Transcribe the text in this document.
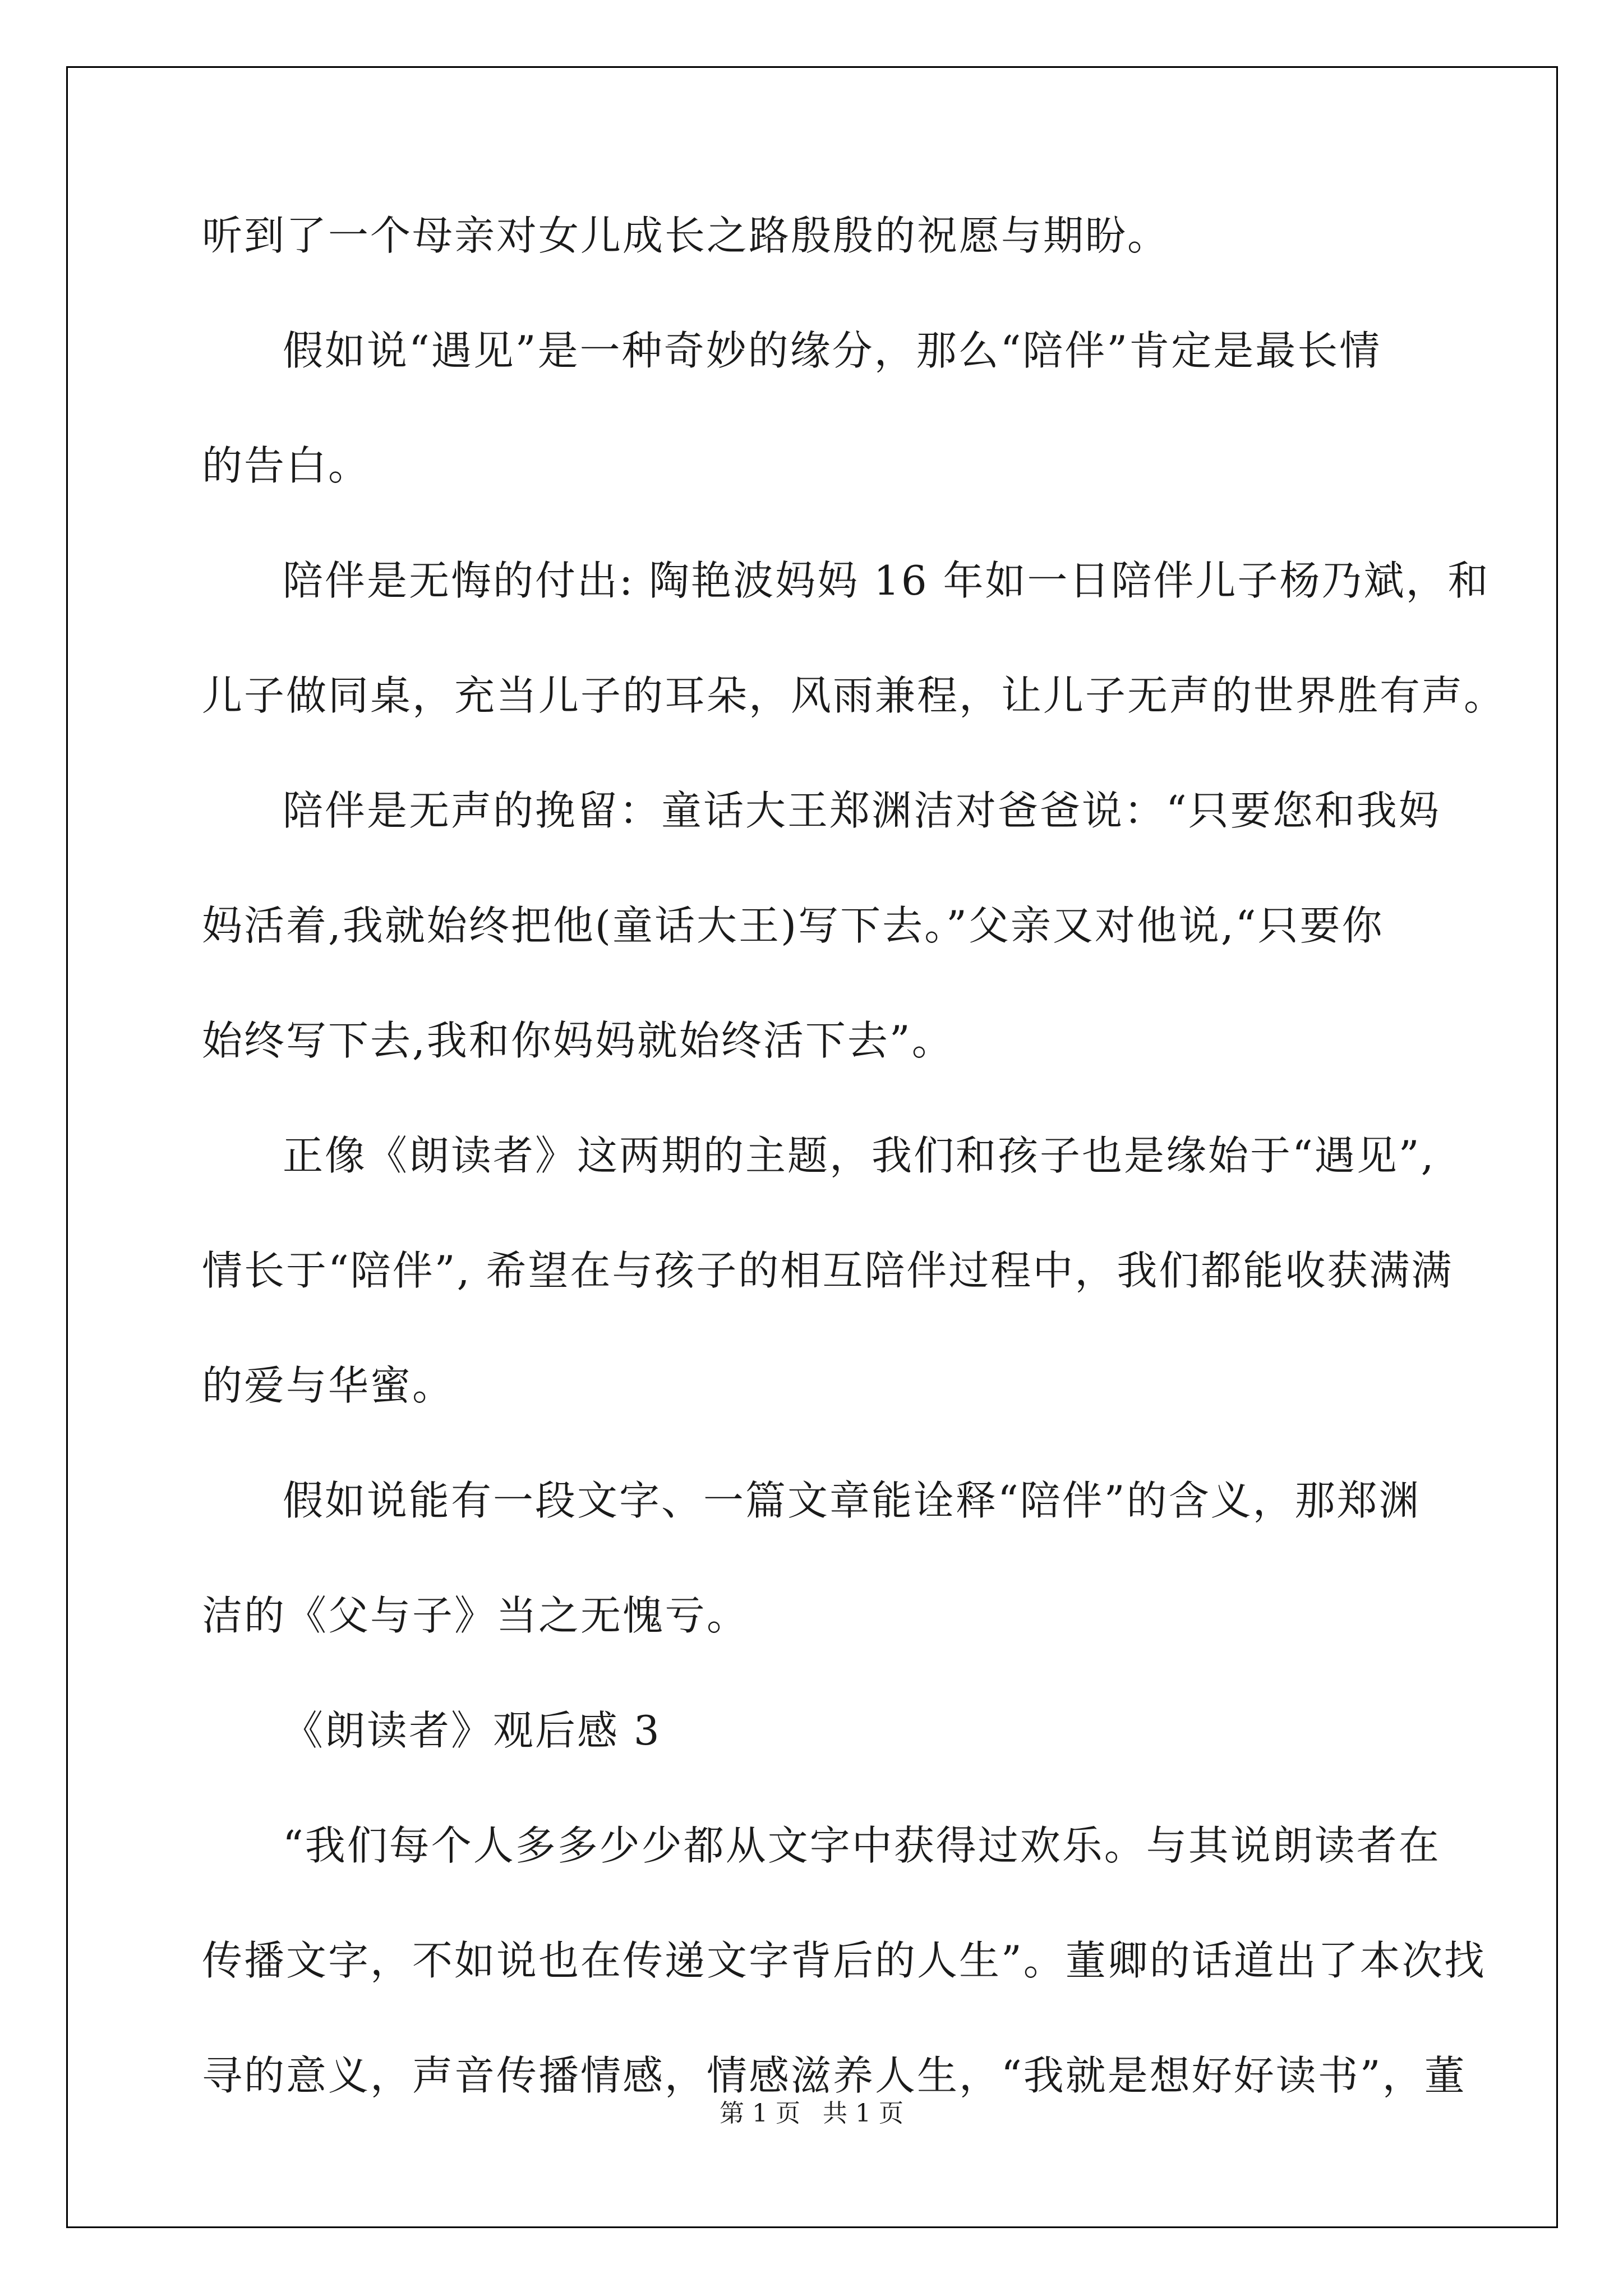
听到了一个母亲对女儿成长之路殷殷的祝愿与期盼。
假如说“遇见”是一种奇妙的缘分，那么“陪伴”肯定是最长情
的告白。
陪伴是无悔的付出: 陶艳波妈妈 16 年如一日陪伴儿子杨乃斌，和
儿子做同桌，充当儿子的耳朵，风雨兼程，让儿子无声的世界胜有声。
陪伴是无声的挽留：童话大王郑渊洁对爸爸说：“只要您和我妈
妈活着,我就始终把他(童话大王)写下去。”父亲又对他说,“只要你
始终写下去,我和你妈妈就始终活下去”。
正像《朗读者》这两期的主题，我们和孩子也是缘始于“遇见”,
情长于“陪伴”, 希望在与孩子的相互陪伴过程中，我们都能收获满满
的爱与华蜜。
假如说能有一段文字、一篇文章能诠释“陪伴”的含义，那郑渊
洁的《父与子》当之无愧亏。
《朗读者》观后感 3
“我们每个人多多少少都从文字中获得过欢乐。与其说朗读者在
传播文字，不如说也在传递文字背后的人生”。董卿的话道出了本次找
寻的意义，声音传播情感，情感滋养人生，“我就是想好好读书”，董
第 1 页 共 1 页
